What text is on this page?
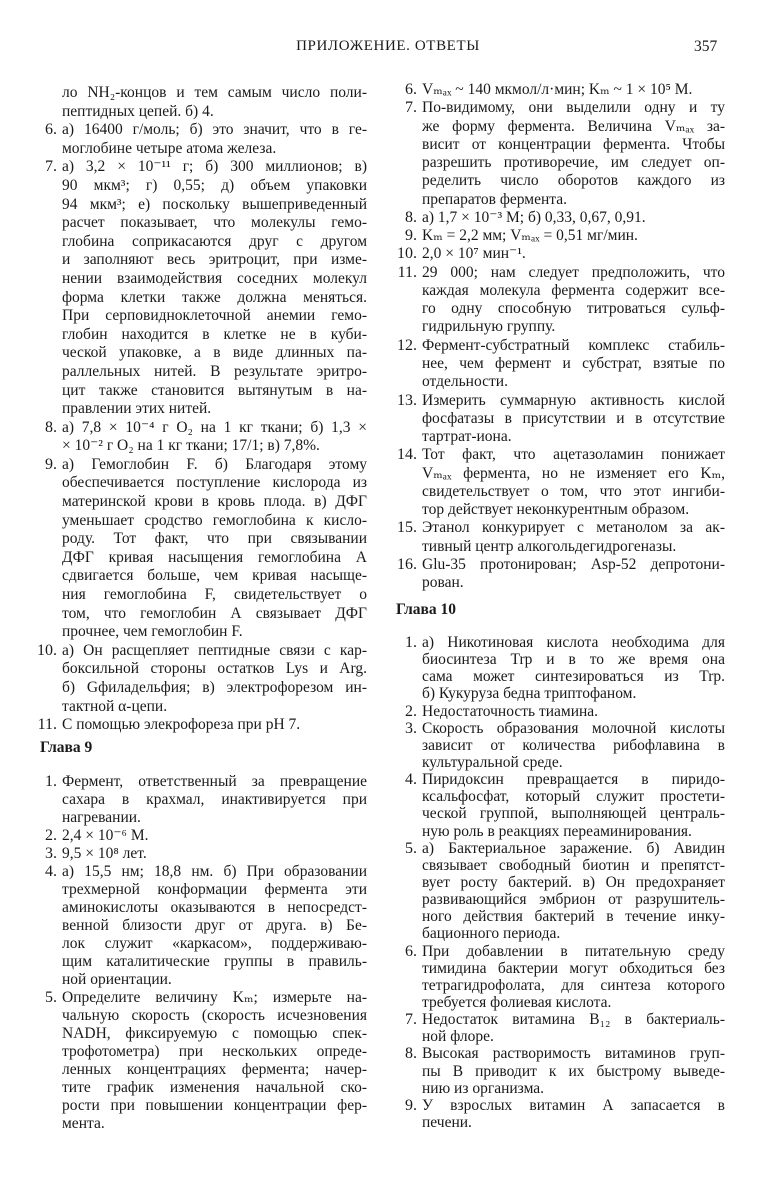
ПРИЛОЖЕНИЕ. ОТВЕТЫ	357
ло NH₂-концов и тем самым число поли-
пептидных цепей. б) 4.
6. а) 16400 г/моль; б) это значит, что в ге-
моглобине четыре атома железа.
7. а) 3,2 × 10⁻¹¹ г; б) 300 миллионов; в)
90 мкм³; г) 0,55; д) объем упаковки
94 мкм³; е) поскольку вышеприведенный
расчет показывает, что молекулы гемо-
глобина соприкасаются друг с другом
и заполняют весь эритроцит, при изме-
нении взаимодействия соседних молекул
форма клетки также должна меняться.
При серповидноклеточной анемии гемо-
глобин находится в клетке не в куби-
ческой упаковке, а в виде длинных па-
раллельных нитей. В результате эритро-
цит также становится вытянутым в на-
правлении этих нитей.
8. а) 7,8 × 10⁻⁴ г O₂ на 1 кг ткани; б) 1,3 ×
× 10⁻² г O₂ на 1 кг ткани; 17/1; в) 7,8%.
9. а) Гемоглобин F. б) Благодаря этому
обеспечивается поступление кислорода из
материнской крови в кровь плода. в) ДФГ
уменьшает сродство гемоглобина к кисло-
роду. Тот факт, что при связывании
ДФГ кривая насыщения гемоглобина А
сдвигается больше, чем кривая насыще-
ния гемоглобина F, свидетельствует о
том, что гемоглобин А связывает ДФГ
прочнее, чем гемоглобин F.
10. а) Он расщепляет пептидные связи с кар-
боксильной стороны остатков Lys и Arg.
б) Gфиладельфия; в) электрофорезом ин-
тактной α-цепи.
11. С помощью элекрофореза при pH 7.
Глава 9
1. Фермент, ответственный за превращение
сахара в крахмал, инактивируется при
нагревании.
2. 2,4 × 10⁻⁶ М.
3. 9,5 × 10⁸ лет.
4. а) 15,5 нм; 18,8 нм. б) При образовании
трехмерной конформации фермента эти
аминокислоты оказываются в непосредст-
венной близости друг от друга. в) Бе-
лок служит «каркасом», поддерживаю-
щим каталитические группы в правиль-
ной ориентации.
5. Определите величину Kₘ; измерьте на-
чальную скорость (скорость исчезновения
NADH, фиксируемую с помощью спек-
трофотометра) при нескольких опреде-
ленных концентрациях фермента; начер-
тите график изменения начальной ско-
рости при повышении концентрации фер-
мента.
6. Vₘₐₓ ~ 140 мкмол/л·мин; Kₘ ~ 1 × 10⁵ М.
7. По-видимому, они выделили одну и ту
же форму фермента. Величина Vₘₐₓ за-
висит от концентрации фермента. Чтобы
разрешить противоречие, им следует оп-
ределить число оборотов каждого из
препаратов фермента.
8. а) 1,7 × 10⁻³ М; б) 0,33, 0,67, 0,91.
9. Kₘ = 2,2 мм; Vₘₐₓ = 0,51 мг/мин.
10. 2,0 × 10⁷ мин⁻¹.
11. 29 000; нам следует предположить, что
каждая молекула фермента содержит все-
го одну способную титроваться сульф-
гидрильную группу.
12. Фермент-субстратный комплекс стабиль-
нее, чем фермент и субстрат, взятые по
отдельности.
13. Измерить суммарную активность кислой
фосфатазы в присутствии и в отсутствие
тартрат-иона.
14. Тот факт, что ацетазоламин понижает
Vₘₐₓ фермента, но не изменяет его Kₘ,
свидетельствует о том, что этот ингиби-
тор действует неконкурентным образом.
15. Этанол конкурирует с метанолом за ак-
тивный центр алкогольдегидрогеназы.
16. Glu-35 протонирован; Asp-52 депротони-
рован.
Глава 10
1. а) Никотиновая кислота необходима для
биосинтеза Trp и в то же время она
сама может синтезироваться из Trp.
б) Кукуруза бедна триптофаном.
2. Недостаточность тиамина.
3. Скорость образования молочной кислоты
зависит от количества рибофлавина в
культуральной среде.
4. Пиридоксин превращается в пиридо-
ксальфосфат, который служит простети-
ческой группой, выполняющей централь-
ную роль в реакциях переаминирования.
5. а) Бактериальное заражение. б) Авидин
связывает свободный биотин и препятст-
вует росту бактерий. в) Он предохраняет
развивающийся эмбрион от разрушитель-
ного действия бактерий в течение инку-
бационного периода.
6. При добавлении в питательную среду
тимидина бактерии могут обходиться без
тетрагидрофолата, для синтеза которого
требуется фолиевая кислота.
7. Недостаток витамина B₁₂ в бактериаль-
ной флоре.
8. Высокая растворимость витаминов груп-
пы В приводит к их быстрому выведе-
нию из организма.
9. У взрослых витамин А запасается в
печени.
